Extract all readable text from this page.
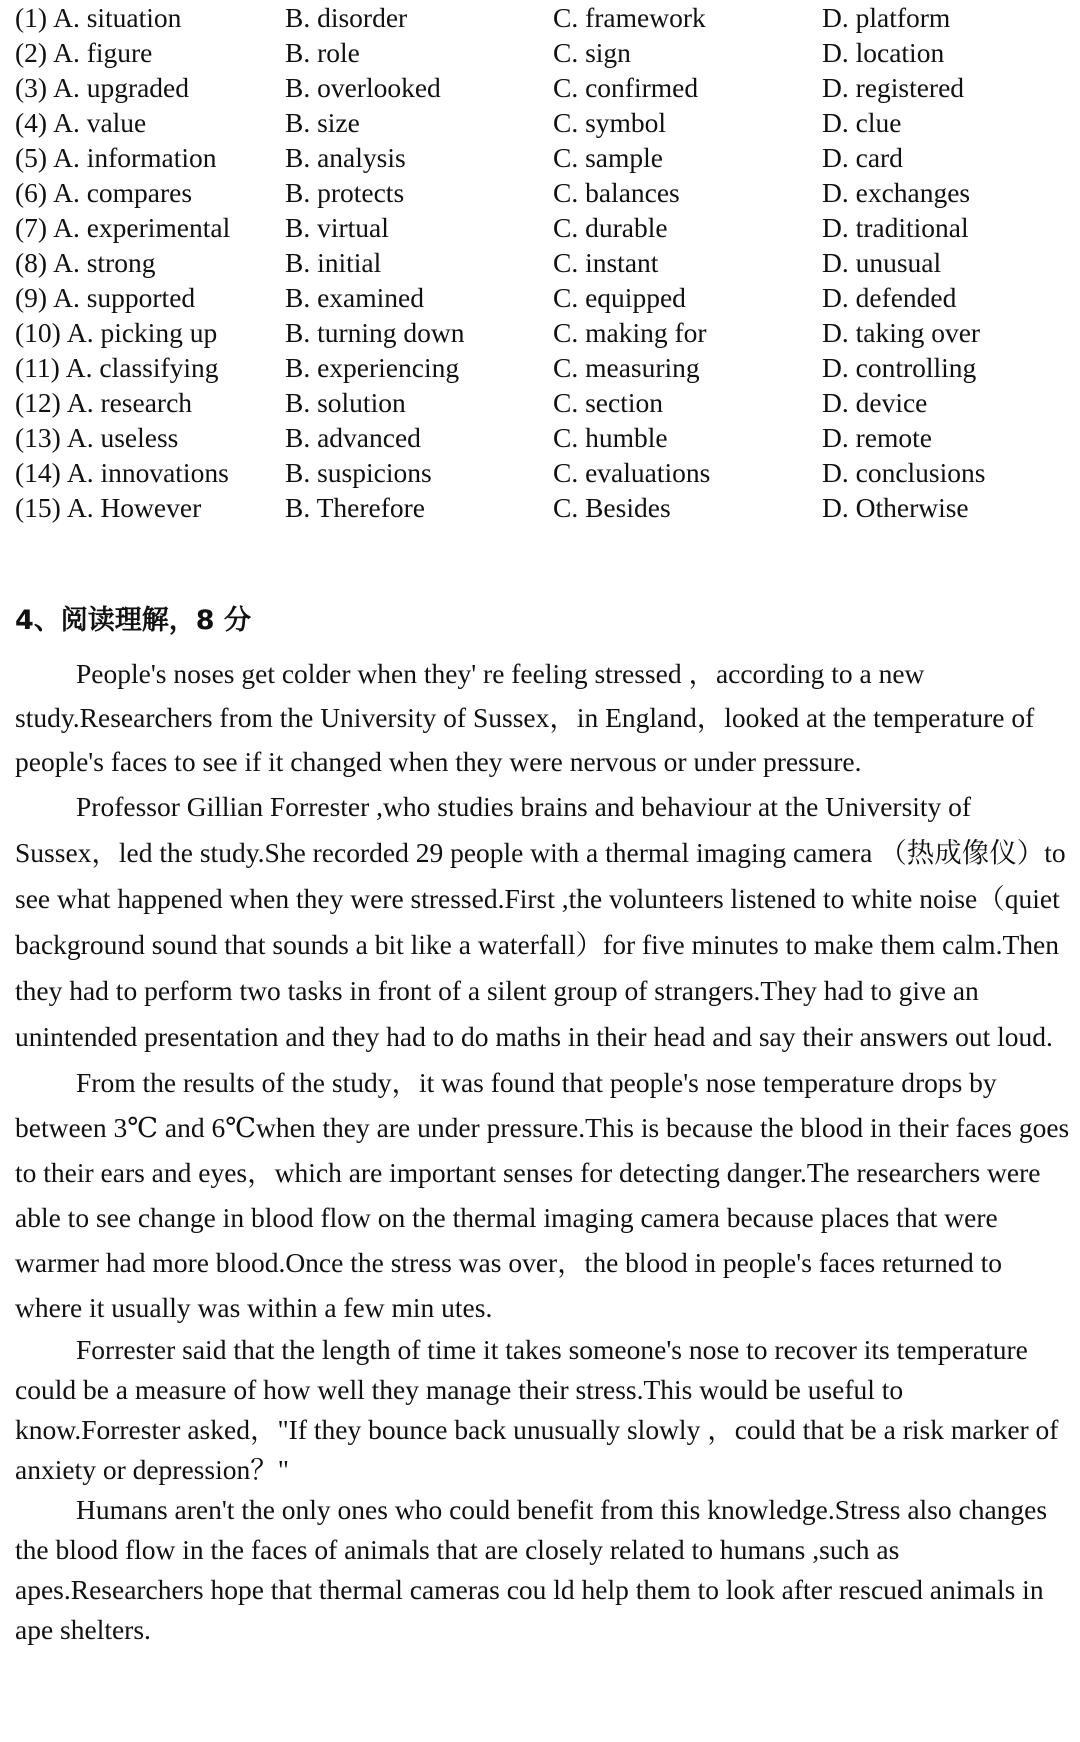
(1) A. situation	B. disorder	C. framework	D. platform
(2) A. figure	B. role	C. sign	D. location
(3) A. upgraded	B. overlooked	C. confirmed	D. registered
(4) A. value	B. size	C. symbol	D. clue
(5) A. information B. analysis	C. sample	D. card
(6) A. compares	B. protects	C. balances	D. exchanges
(7) A. experimental B. virtual	C. durable	D. traditional
(8) A. strong	B. initial	C. instant	D. unusual
(9) A. supported	B. examined	C. equipped	D. defended
(10) A. picking up B. turning down	C. making for	D. taking over
(11) A. classifying B. experiencing	C. measuring	D. controlling
(12) A. research	B. solution	C. section	D. device
(13) A. useless	B. advanced	C. humble	D. remote
(14) A. innovations B. suspicions	C. evaluations	D. conclusions
(15) A. However	B. Therefore	C. Besides	D. Otherwise
4、阅读理解，8 分

People's noses get colder when they' re feeling stressed ，according to a new study.Researchers from the University of Sussex，in England，looked at the temperature of people's faces to see if it changed when they were nervous or under pressure.

Professor Gillian Forrester ,who studies brains and behaviour at the University of Sussex，led the study.She recorded 29 people with a thermal imaging camera （热成像仪）to see what happened when they were stressed.First ,the volunteers listened to white noise（quiet background sound that sounds a bit like a waterfall）for five minutes to make them calm.Then they had to perform two tasks in front of a silent group of strangers.They had to give an unintended presentation and they had to do maths in their head and say their answers out loud.

From the results of the study，it was found that people's nose temperature drops by between 3℃ and 6℃when they are under pressure.This is because the blood in their faces goes to their ears and eyes，which are important senses for detecting danger.The researchers were able to see change in blood flow on the thermal imaging camera because places that were warmer had more blood.Once the stress was over，the blood in people's faces returned to where it usually was within a few min utes.

Forrester said that the length of time it takes someone's nose to recover its temperature could be a measure of how well they manage their stress.This would be useful to know.Forrester asked，"If they bounce back unusually slowly ，could that be a risk marker of anxiety or depression？"

Humans aren't the only ones who could benefit from this knowledge.Stress also changes the blood flow in the faces of animals that are closely related to humans ,such as apes.Researchers hope that thermal cameras cou ld help them to look after rescued animals in ape shelters.
